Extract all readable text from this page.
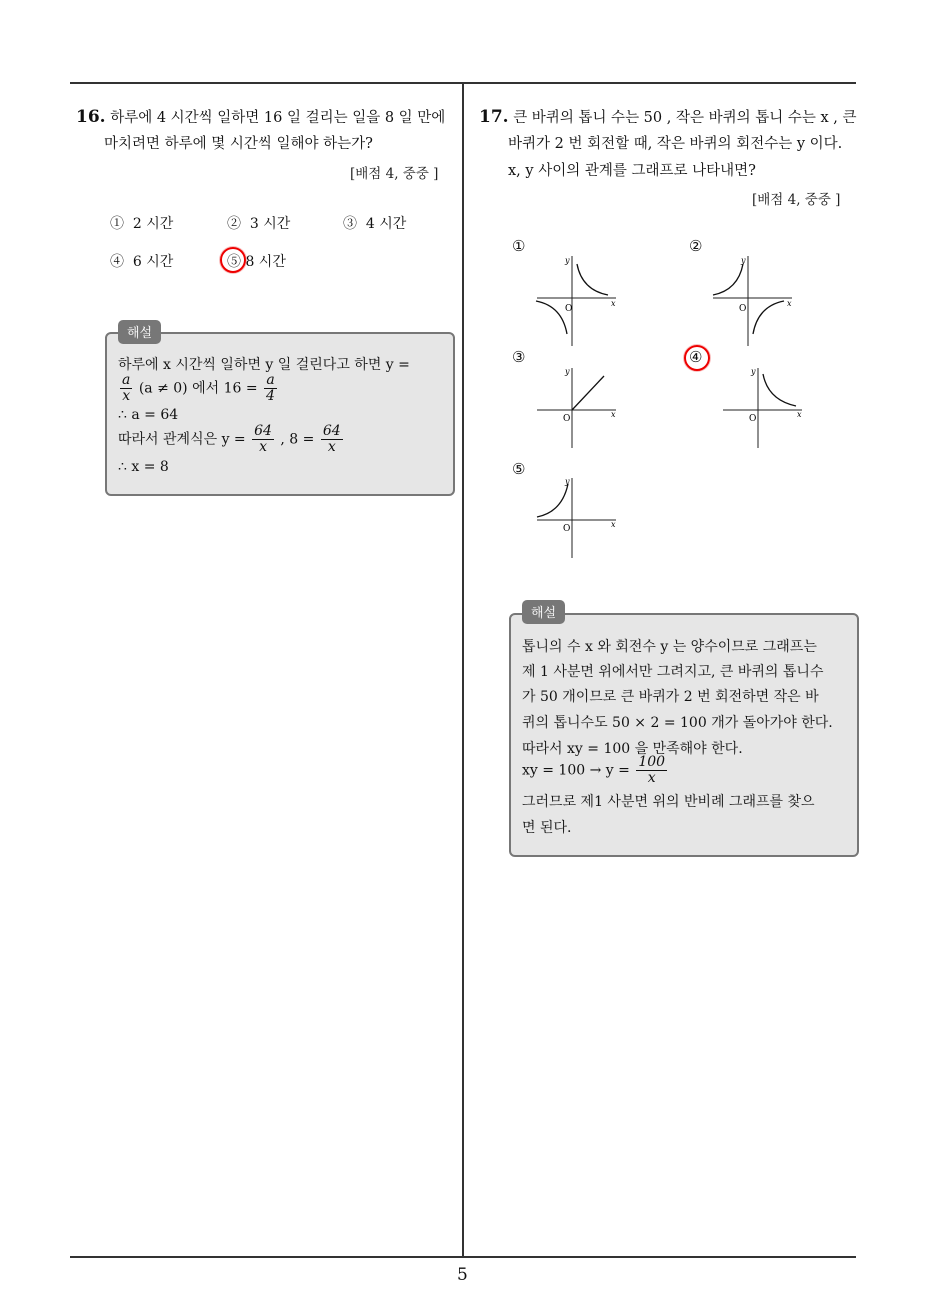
5
16. 하루에 4 시간씩 일하면 16 일 걸리는 일을 8 일 만에
마치려면 하루에 몇 시간씩 일해야 하는가?
[배점 4, 중중 ]
① 2 시간	② 3 시간	③ 4 시간
④ 6 시간	⑤ 8 시간
해설
하루에 x 시간씩 일하면 y 일 걸린다고 하면 y =
$\frac{a}{x} (a \ne 0)$ 에서 $16 = \frac{a}{4}$
∴ a = 64
따라서 관계식은 $y = \frac{64}{x}$ , $8 = \frac{64}{x}$
∴ x = 8
17. 큰 바퀴의 톱니 수는 50 , 작은 바퀴의 톱니 수는 x , 큰
바퀴가 2 번 회전할 때, 작은 바퀴의 회전수는 y 이다.
x, y 사이의 관계를 그래프로 나타내면?
[배점 4, 중중 ]
①	②
③	④
⑤
O
x
y
O
x
y
O	x
y
O	x
y
O	x
y
해설
톱니의 수 x 와 회전수 y 는 양수이므로 그래프는
제 1 사분면 위에서만 그려지고, 큰 바퀴의 톱니수
가 50 개이므로 큰 바퀴가 2 번 회전하면 작은 바
퀴의 톱니수도 50 × 2 = 100 개가 돌아가야 한다.
따라서 xy = 100 을 만족해야 한다.
xy = $100 \to y = \frac{100}{x}$
그러므로 제1 사분면 위의 반비례 그래프를 찾으
면 된다.
